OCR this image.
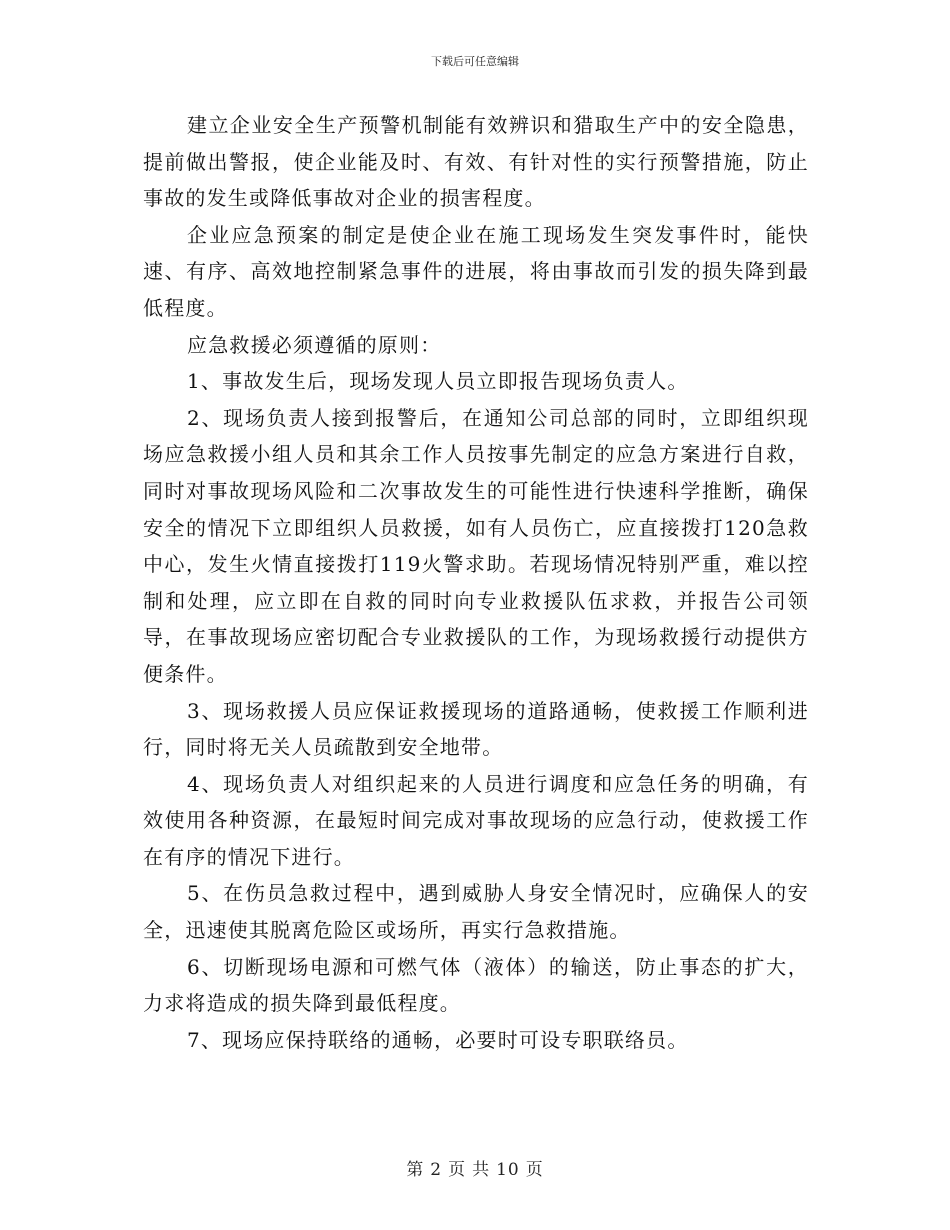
下载后可任意编辑

建立企业安全生产预警机制能有效辨识和猎取生产中的安全隐患，提前做出警报，使企业能及时、有效、有针对性的实行预警措施，防止事故的发生或降低事故对企业的损害程度。

企业应急预案的制定是使企业在施工现场发生突发事件时，能快速、有序、高效地控制紧急事件的进展，将由事故而引发的损失降到最低程度。

应急救援必须遵循的原则：

1、事故发生后，现场发现人员立即报告现场负责人。

2、现场负责人接到报警后，在通知公司总部的同时，立即组织现场应急救援小组人员和其余工作人员按事先制定的应急方案进行自救，同时对事故现场风险和二次事故发生的可能性进行快速科学推断，确保安全的情况下立即组织人员救援，如有人员伤亡，应直接拨打120急救中心，发生火情直接拨打119火警求助。若现场情况特别严重，难以控制和处理，应立即在自救的同时向专业救援队伍求救，并报告公司领导，在事故现场应密切配合专业救援队的工作，为现场救援行动提供方便条件。

3、现场救援人员应保证救援现场的道路通畅，使救援工作顺利进行，同时将无关人员疏散到安全地带。

4、现场负责人对组织起来的人员进行调度和应急任务的明确，有效使用各种资源，在最短时间完成对事故现场的应急行动，使救援工作在有序的情况下进行。

5、在伤员急救过程中，遇到威胁人身安全情况时，应确保人的安全，迅速使其脱离危险区或场所，再实行急救措施。

6、切断现场电源和可燃气体（液体）的输送，防止事态的扩大，力求将造成的损失降到最低程度。

7、现场应保持联络的通畅，必要时可设专职联络员。

第 2 页 共 10 页
